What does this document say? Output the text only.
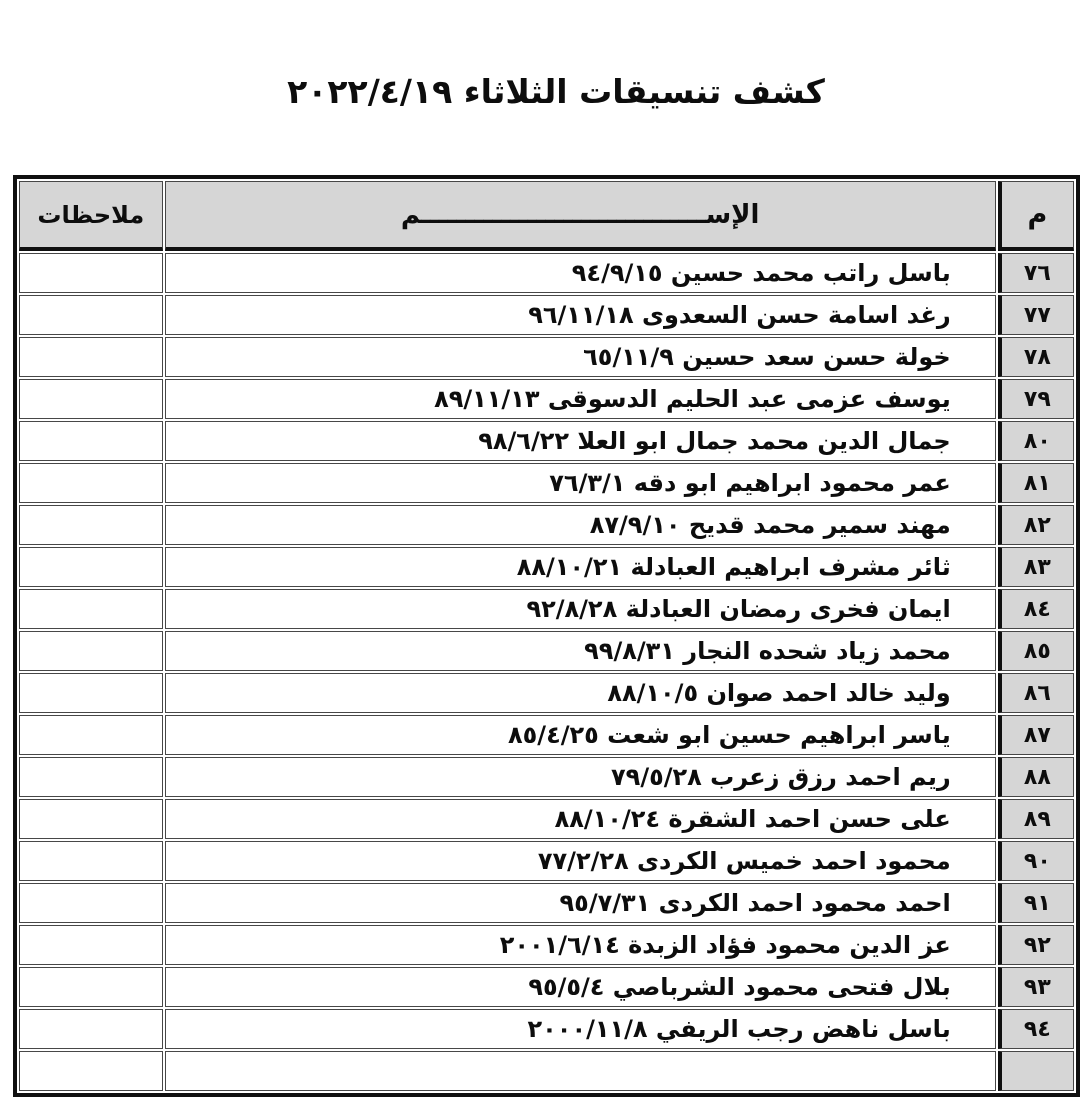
كشف تنسيقات الثلاثاء ٢٠٢٢/٤/١٩
م	الإســــــــــــــــــــــــــــــــم	ملاحظات
٧٦	باسل راتب محمد حسين ٩٤/٩/١٥	
٧٧	رغد اسامة حسن السعدوى ٩٦/١١/١٨	
٧٨	خولة حسن سعد حسين ٦٥/١١/٩	
٧٩	يوسف عزمى عبد الحليم الدسوقى ٨٩/١١/١٣	
٨٠	جمال الدين محمد جمال ابو العلا ٩٨/٦/٢٢	
٨١	عمر محمود ابراهيم ابو دقه ٧٦/٣/١	
٨٢	مهند سمير محمد قديح ٨٧/٩/١٠	
٨٣	ثائر مشرف ابراهيم العبادلة ٨٨/١٠/٢١	
٨٤	ايمان فخرى رمضان العبادلة ٩٢/٨/٢٨	
٨٥	محمد زياد شحده النجار ٩٩/٨/٣١	
٨٦	وليد خالد احمد صوان ٨٨/١٠/٥	
٨٧	ياسر ابراهيم حسين ابو شعت ٨٥/٤/٢٥	
٨٨	ريم احمد رزق زعرب ٧٩/٥/٢٨	
٨٩	على حسن احمد الشقرة ٨٨/١٠/٢٤	
٩٠	محمود احمد خميس الكردى ٧٧/٢/٢٨	
٩١	احمد محمود احمد الكردى ٩٥/٧/٣١	
٩٢	عز الدين محمود فؤاد الزبدة ٢٠٠١/٦/١٤	
٩٣	بلال فتحى محمود الشرباصي ٩٥/٥/٤	
٩٤	باسل ناهض رجب الريفي ٢٠٠٠/١١/٨	
